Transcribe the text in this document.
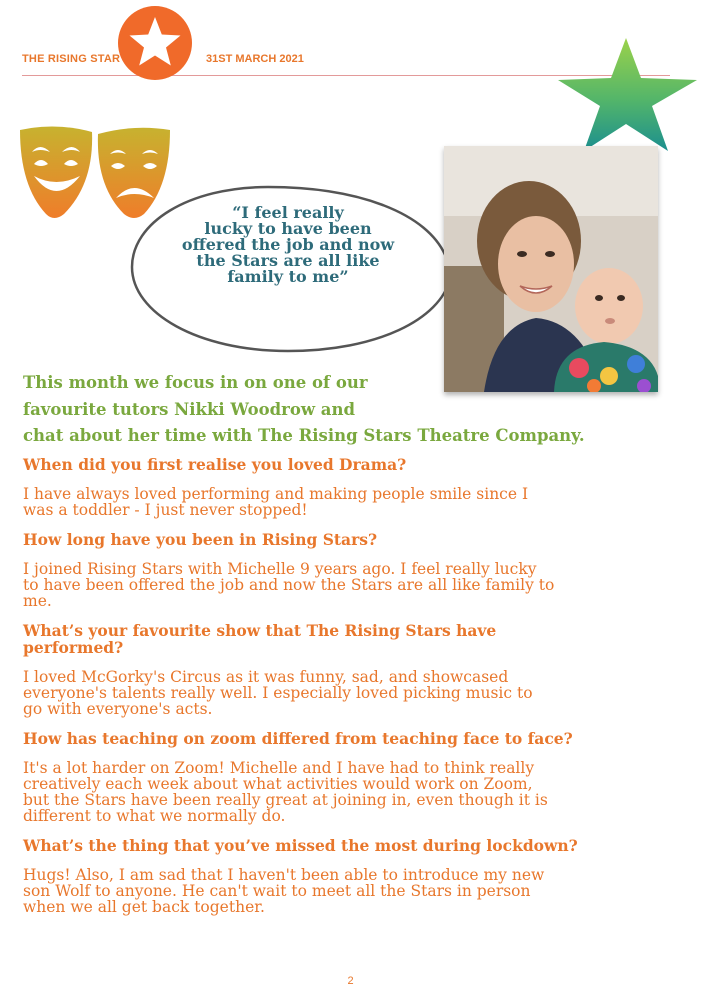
THE RISING STAR	31ST MARCH 2021
“I feel really
lucky to have been
offered the job and now
the Stars are all like
family to me”
This month we focus in on one of our
favourite tutors Nikki Woodrow and
chat about her time with The Rising Stars Theatre Company.
When did you first realise you loved Drama?
I have always loved performing and making people smile since I
was a toddler - I just never stopped!
How long have you been in Rising Stars?
I joined Rising Stars with Michelle 9 years ago. I feel really lucky
to have been offered the job and now the Stars are all like family to
me.
What’s your favourite show that The Rising Stars have
performed?
I loved McGorky's Circus as it was funny, sad, and showcased
everyone's talents really well. I especially loved picking music to
go with everyone's acts.
How has teaching on zoom differed from teaching face to face?
It's a lot harder on Zoom! Michelle and I have had to think really
creatively each week about what activities would work on Zoom,
but the Stars have been really great at joining in, even though it is
different to what we normally do.
What’s the thing that you’ve missed the most during lockdown?
Hugs! Also, I am sad that I haven't been able to introduce my new
son Wolf to anyone. He can't wait to meet all the Stars in person
when we all get back together.
2
